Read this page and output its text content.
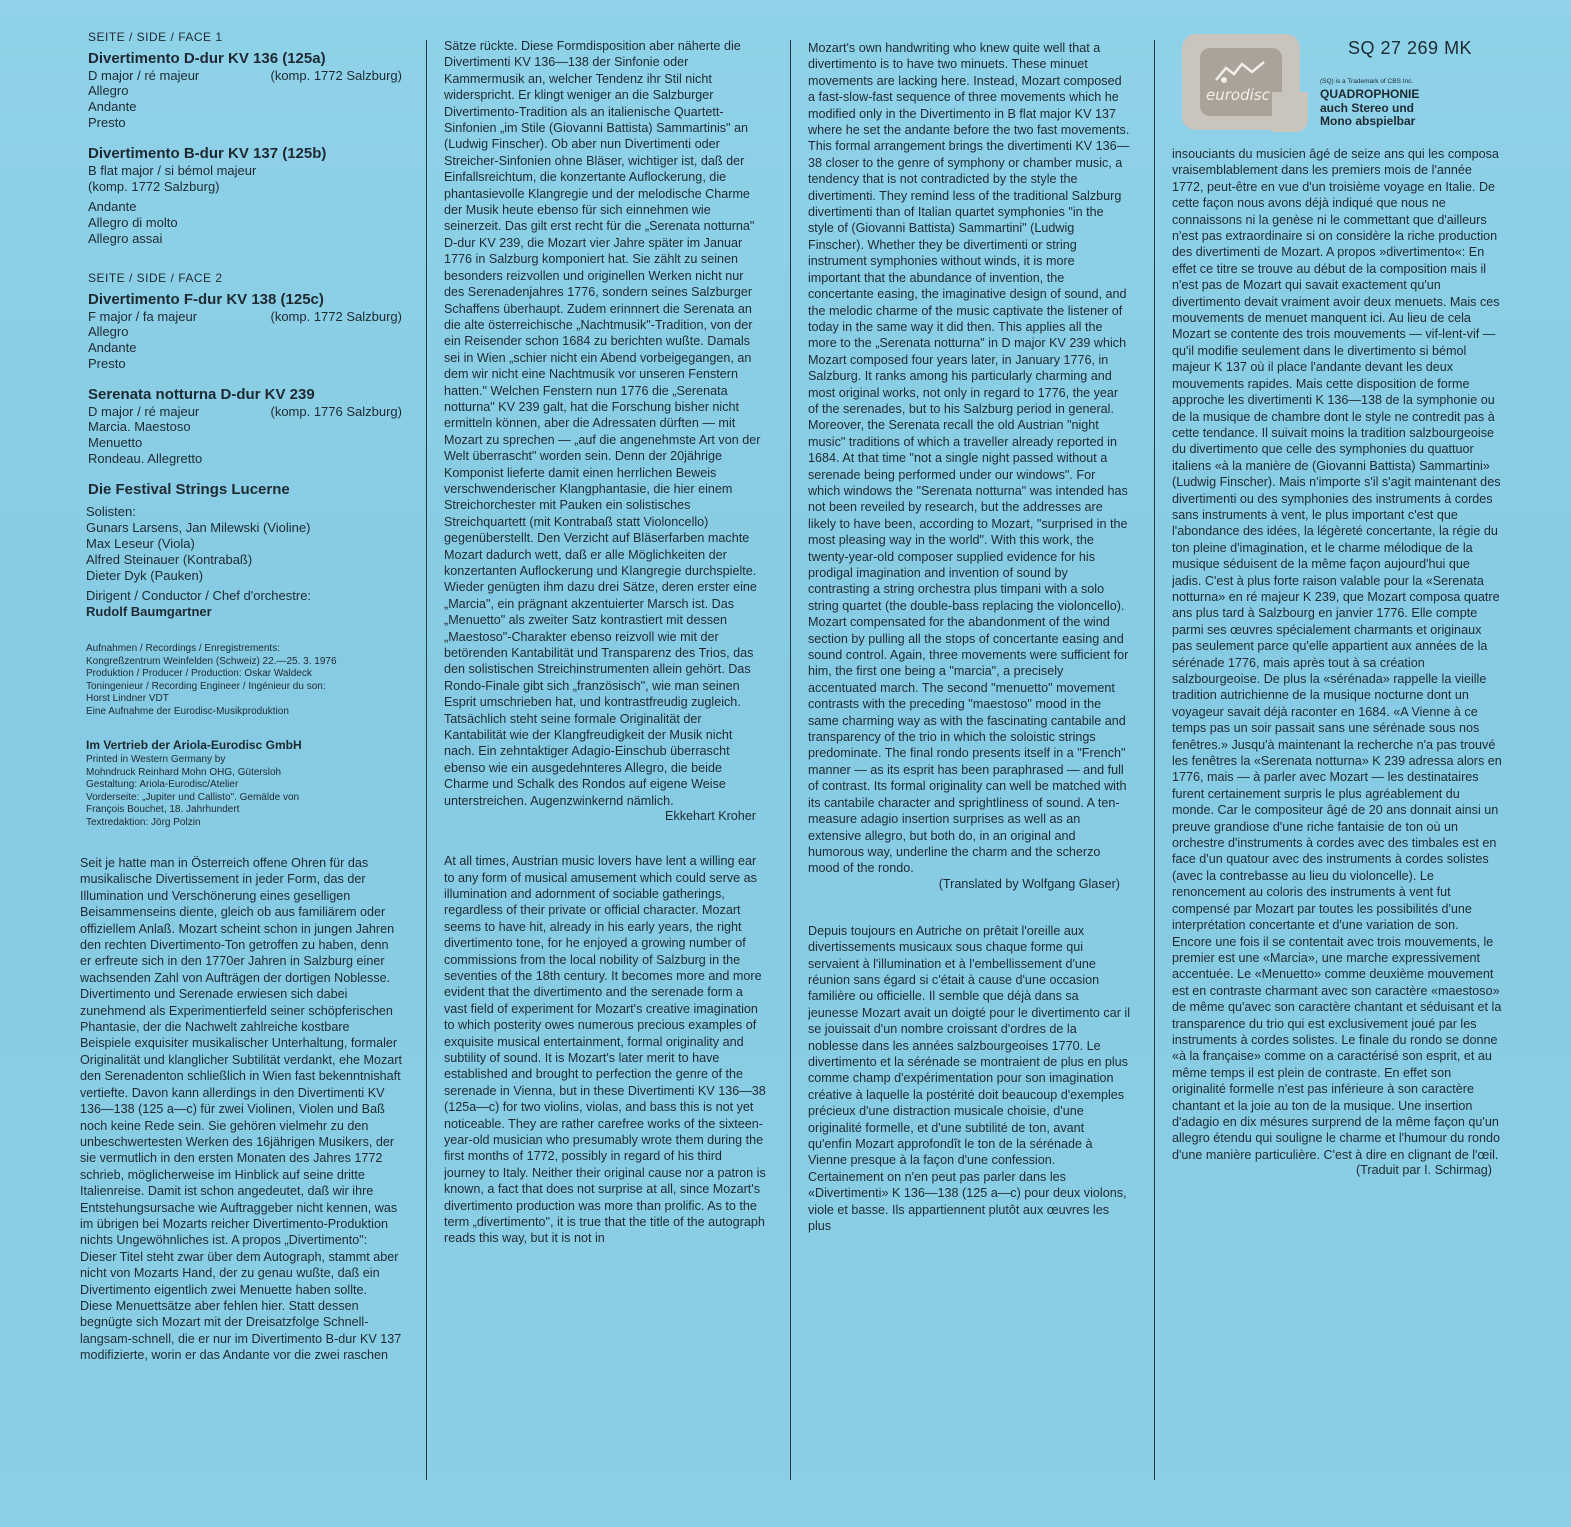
SEITE / SIDE / FACE 1
Divertimento D-dur KV 136 (125a)
D major / ré majeur	(komp. 1772 Salzburg)
Allegro
Andante
Presto
Divertimento B-dur KV 137 (125b)
B flat major / si bémol majeur
(komp. 1772 Salzburg)
Andante
Allegro di molto
Allegro assai
SEITE / SIDE / FACE 2
Divertimento F-dur KV 138 (125c)
F major / fa majeur	(komp. 1772 Salzburg)
Allegro
Andante
Presto
Serenata notturna D-dur KV 239
D major / ré majeur	(komp. 1776 Salzburg)
Marcia. Maestoso
Menuetto
Rondeau. Allegretto
Die Festival Strings Lucerne
Solisten:
Gunars Larsens, Jan Milewski (Violine)
Max Leseur (Viola)
Alfred Steinauer (Kontrabaß)
Dieter Dyk (Pauken)
Dirigent / Conductor / Chef d'orchestre:
Rudolf Baumgartner
Aufnahmen / Recordings / Enregistrements:
Kongreßzentrum Weinfelden (Schweiz) 22.—25. 3. 1976
Produktion / Producer / Production: Oskar Waldeck
Toningenieur / Recording Engineer / Ingénieur du son:
Horst Lindner VDT
Eine Aufnahme der Eurodisc-Musikproduktion
Im Vertrieb der Ariola-Eurodisc GmbH
Printed in Western Germany by
Mohndruck Reinhard Mohn OHG, Gütersloh
Gestaltung: Ariola-Eurodisc/Atelier
Vorderseite: „Jupiter und Callisto". Gemälde von
François Bouchet, 18. Jahrhundert
Textredaktion: Jörg Polzin

Seit je hatte man in Österreich offene Ohren für das musikalische Divertissement in jeder Form, das der Illumination und Verschönerung eines geselligen Beisammenseins diente, gleich ob aus familiärem oder offiziellem Anlaß. Mozart scheint schon in jungen Jahren den rechten Divertimento-Ton getroffen zu haben, denn er erfreute sich in den 1770er Jahren in Salzburg einer wachsenden Zahl von Aufträgen der dortigen Noblesse. Divertimento und Serenade erwiesen sich dabei zunehmend als Experimentierfeld seiner schöpferischen Phantasie, der die Nachwelt zahlreiche kostbare Beispiele exquisiter musikalischer Unterhaltung, formaler Originalität und klanglicher Subtilität verdankt, ehe Mozart den Serenadenton schließlich in Wien fast bekenntnishaft vertiefte. Davon kann allerdings in den Divertimenti KV 136—138 (125 a—c) für zwei Violinen, Violen und Baß noch keine Rede sein. Sie gehören vielmehr zu den unbeschwertesten Werken des 16jährigen Musikers, der sie vermutlich in den ersten Monaten des Jahres 1772 schrieb, möglicherweise im Hinblick auf seine dritte Italienreise. Damit ist schon angedeutet, daß wir ihre Entstehungsursache wie Auftraggeber nicht kennen, was im übrigen bei Mozarts reicher Divertimento-Produktion nichts Ungewöhnliches ist. A propos „Divertimento": Dieser Titel steht zwar über dem Autograph, stammt aber nicht von Mozarts Hand, der zu genau wußte, daß ein Divertimento eigentlich zwei Menuette haben sollte. Diese Menuettsätze aber fehlen hier. Statt dessen begnügte sich Mozart mit der Dreisatzfolge Schnell-langsam-schnell, die er nur im Divertimento B-dur KV 137 modifizierte, worin er das Andante vor die zwei raschen

Sätze rückte. Diese Formdisposition aber näherte die Divertimenti KV 136—138 der Sinfonie oder Kammermusik an, welcher Tendenz ihr Stil nicht widerspricht. Er klingt weniger an die Salzburger Divertimento-Tradition als an italienische Quartett-Sinfonien „im Stile (Giovanni Battista) Sammartinis" an (Ludwig Finscher). Ob aber nun Divertimenti oder Streicher-Sinfonien ohne Bläser, wichtiger ist, daß der Einfallsreichtum, die konzertante Auflockerung, die phantasievolle Klangregie und der melodische Charme der Musik heute ebenso für sich einnehmen wie seinerzeit. Das gilt erst recht für die „Serenata notturna" D-dur KV 239, die Mozart vier Jahre später im Januar 1776 in Salzburg komponiert hat. Sie zählt zu seinen besonders reizvollen und originellen Werken nicht nur des Serenadenjahres 1776, sondern seines Salzburger Schaffens überhaupt. Zudem erinnnert die Serenata an die alte österreichische „Nachtmusik"-Tradition, von der ein Reisender schon 1684 zu berichten wußte. Damals sei in Wien „schier nicht ein Abend vorbeigegangen, an dem wir nicht eine Nachtmusik vor unseren Fenstern hatten." Welchen Fenstern nun 1776 die „Serenata notturna" KV 239 galt, hat die Forschung bisher nicht ermitteln können, aber die Adressaten dürften — mit Mozart zu sprechen — „auf die angenehmste Art von der Welt überrascht" worden sein. Denn der 20jährige Komponist lieferte damit einen herrlichen Beweis verschwenderischer Klangphantasie, die hier einem Streichorchester mit Pauken ein solistisches Streichquartett (mit Kontrabaß statt Violoncello) gegenüberstellt. Den Verzicht auf Bläserfarben machte Mozart dadurch wett, daß er alle Möglichkeiten der konzertanten Auflockerung und Klangregie durchspielte. Wieder genügten ihm dazu drei Sätze, deren erster eine „Marcia", ein prägnant akzentuierter Marsch ist. Das „Menuetto" als zweiter Satz kontrastiert mit dessen „Maestoso"-Charakter ebenso reizvoll wie mit der betörenden Kantabilität und Transparenz des Trios, das den solistischen Streichinstrumenten allein gehört. Das Rondo-Finale gibt sich „französisch", wie man seinen Esprit umschrieben hat, und kontrastfreudig zugleich. Tatsächlich steht seine formale Originalität der Kantabilität wie der Klangfreudigkeit der Musik nicht nach. Ein zehntaktiger Adagio-Einschub überrascht ebenso wie ein ausgedehnteres Allegro, die beide Charme und Schalk des Rondos auf eigene Weise unterstreichen. Augenzwinkernd nämlich.

Ekkehart Kroher

At all times, Austrian music lovers have lent a willing ear to any form of musical amusement which could serve as illumination and adornment of sociable gatherings, regardless of their private or official character. Mozart seems to have hit, already in his early years, the right divertimento tone, for he enjoyed a growing number of commissions from the local nobility of Salzburg in the seventies of the 18th century. It becomes more and more evident that the divertimento and the serenade form a vast field of experiment for Mozart's creative imagination to which posterity owes numerous precious examples of exquisite musical entertainment, formal originality and subtility of sound. It is Mozart's later merit to have established and brought to perfection the genre of the serenade in Vienna, but in these Divertimenti KV 136—38 (125a—c) for two violins, violas, and bass this is not yet noticeable. They are rather carefree works of the sixteen-year-old musician who presumably wrote them during the first months of 1772, possibly in regard of his third journey to Italy. Neither their original cause nor a patron is known, a fact that does not surprise at all, since Mozart's divertimento production was more than prolific. As to the term „divertimento", it is true that the title of the autograph reads this way, but it is not in

Mozart's own handwriting who knew quite well that a divertimento is to have two minuets. These minuet movements are lacking here. Instead, Mozart composed a fast-slow-fast sequence of three movements which he modified only in the Divertimento in B flat major KV 137 where he set the andante before the two fast movements. This formal arrangement brings the divertimenti KV 136—38 closer to the genre of symphony or chamber music, a tendency that is not contradicted by the style the divertimenti. They remind less of the traditional Salzburg divertimenti than of Italian quartet symphonies "in the style of (Giovanni Battista) Sammartini" (Ludwig Finscher). Whether they be divertimenti or string instrument symphonies without winds, it is more important that the abundance of invention, the concertante easing, the imaginative design of sound, and the melodic charme of the music captivate the listener of today in the same way it did then. This applies all the more to the „Serenata notturna" in D major KV 239 which Mozart composed four years later, in January 1776, in Salzburg. It ranks among his particularly charming and most original works, not only in regard to 1776, the year of the serenades, but to his Salzburg period in general. Moreover, the Serenata recall the old Austrian "night music" traditions of which a traveller already reported in 1684. At that time "not a single night passed without a serenade being performed under our windows". For which windows the "Serenata notturna" was intended has not been reveiled by research, but the addresses are likely to have been, according to Mozart, "surprised in the most pleasing way in the world". With this work, the twenty-year-old composer supplied evidence for his prodigal imagination and invention of sound by contrasting a string orchestra plus timpani with a solo string quartet (the double-bass replacing the violoncello). Mozart compensated for the abandonment of the wind section by pulling all the stops of concertante easing and sound control. Again, three movements were sufficient for him, the first one being a "marcia", a precisely accentuated march. The second "menuetto" movement contrasts with the preceding "maestoso" mood in the same charming way as with the fascinating cantabile and transparency of the trio in which the soloistic strings predominate. The final rondo presents itself in a "French" manner — as its esprit has been paraphrased — and full of contrast. Its formal originality can well be matched with its cantabile character and sprightliness of sound. A ten-measure adagio insertion surprises as well as an extensive allegro, but both do, in an original and humorous way, underline the charm and the scherzo mood of the rondo.

(Translated by Wolfgang Glaser)

Depuis toujours en Autriche on prêtait l'oreille aux divertissements musicaux sous chaque forme qui servaient à l'illumination et à l'embellissement d'une réunion sans égard si c'était à cause d'une occasion familière ou officielle. Il semble que déjà dans sa jeunesse Mozart avait un doigté pour le divertimento car il se jouissait d'un nombre croissant d'ordres de la noblesse dans les années salzbourgeoises 1770. Le divertimento et la sérénade se montraient de plus en plus comme champ d'expérimentation pour son imagination créative à laquelle la postérité doit beaucoup d'exemples précieux d'une distraction musicale choisie, d'une originalité formelle, et d'une subtilité de ton, avant qu'enfin Mozart approfondît le ton de la sérénade à Vienne presque à la façon d'une confession. Certainement on n'en peut pas parler dans les «Divertimenti» K 136—138 (125 a—c) pour deux violons, viole et basse. Ils appartiennent plutôt aux œuvres les plus

eurodisc
SQ 27 269 MK
(SQ) is a Trademark of CBS Inc.
QUADROPHONIE
auch Stereo und
Mono abspielbar

insouciants du musicien âgé de seize ans qui les composa vraisemblablement dans les premiers mois de l'année 1772, peut-être en vue d'un troisième voyage en Italie. De cette façon nous avons déjà indiqué que nous ne connaissons ni la genèse ni le commettant que d'ailleurs n'est pas extraordinaire si on considère la riche production des divertimenti de Mozart. A propos »divertimento«: En effet ce titre se trouve au début de la composition mais il n'est pas de Mozart qui savait exactement qu'un divertimento devait vraiment avoir deux menuets. Mais ces mouvements de menuet manquent ici. Au lieu de cela Mozart se contente des trois mouvements — vif-lent-vif — qu'il modifie seulement dans le divertimento si bémol majeur K 137 où il place l'andante devant les deux mouvements rapides. Mais cette disposition de forme approche les divertimenti K 136—138 de la symphonie ou de la musique de chambre dont le style ne contredit pas à cette tendance. Il suivait moins la tradition salzbourgeoise du divertimento que celle des symphonies du quattuor italiens «à la manière de (Giovanni Battista) Sammartini» (Ludwig Finscher). Mais n'importe s'il s'agit maintenant des divertimenti ou des symphonies des instruments à cordes sans instruments à vent, le plus important c'est que l'abondance des idées, la légèreté concertante, la régie du ton pleine d'imagination, et le charme mélodique de la musique séduisent de la même façon aujourd'hui que jadis. C'est à plus forte raison valable pour la «Serenata notturna» en ré majeur K 239, que Mozart composa quatre ans plus tard à Salzbourg en janvier 1776. Elle compte parmi ses œuvres spécialement charmants et originaux pas seulement parce qu'elle appartient aux années de la sérénade 1776, mais après tout à sa création salzbourgeoise. De plus la «sérénada» rappelle la vieille tradition autrichienne de la musique nocturne dont un voyageur savait déjà raconter en 1684. «A Vienne à ce temps pas un soir passait sans une sérénade sous nos fenêtres.» Jusqu'à maintenant la recherche n'a pas trouvé les fenêtres la «Serenata notturna» K 239 adressa alors en 1776, mais — à parler avec Mozart — les destinataires furent certainement surpris le plus agréablement du monde. Car le compositeur âgé de 20 ans donnait ainsi un preuve grandiose d'une riche fantaisie de ton où un orchestre d'instruments à cordes avec des timbales est en face d'un quatour avec des instruments à cordes solistes (avec la contrebasse au lieu du violoncelle). Le renoncement au coloris des instruments à vent fut compensé par Mozart par toutes les possibilités d'une interprétation concertante et d'une variation de son. Encore une fois il se contentait avec trois mouvements, le premier est une «Marcia», une marche expressivement accentuée. Le «Menuetto» comme deuxième mouvement est en contraste charmant avec son caractère «maestoso» de même qu'avec son caractère chantant et séduisant et la transparence du trio qui est exclusivement joué par les instruments à cordes solistes. Le finale du rondo se donne «à la française» comme on a caractérisé son esprit, et au même temps il est plein de contraste. En effet son originalité formelle n'est pas inférieure à son caractère chantant et la joie au ton de la musique. Une insertion d'adagio en dix mésures surprend de la même façon qu'un allegro étendu qui souligne le charme et l'humour du rondo d'une manière particulière. C'est à dire en clignant de l'œil.

(Traduit par I. Schirmag)
